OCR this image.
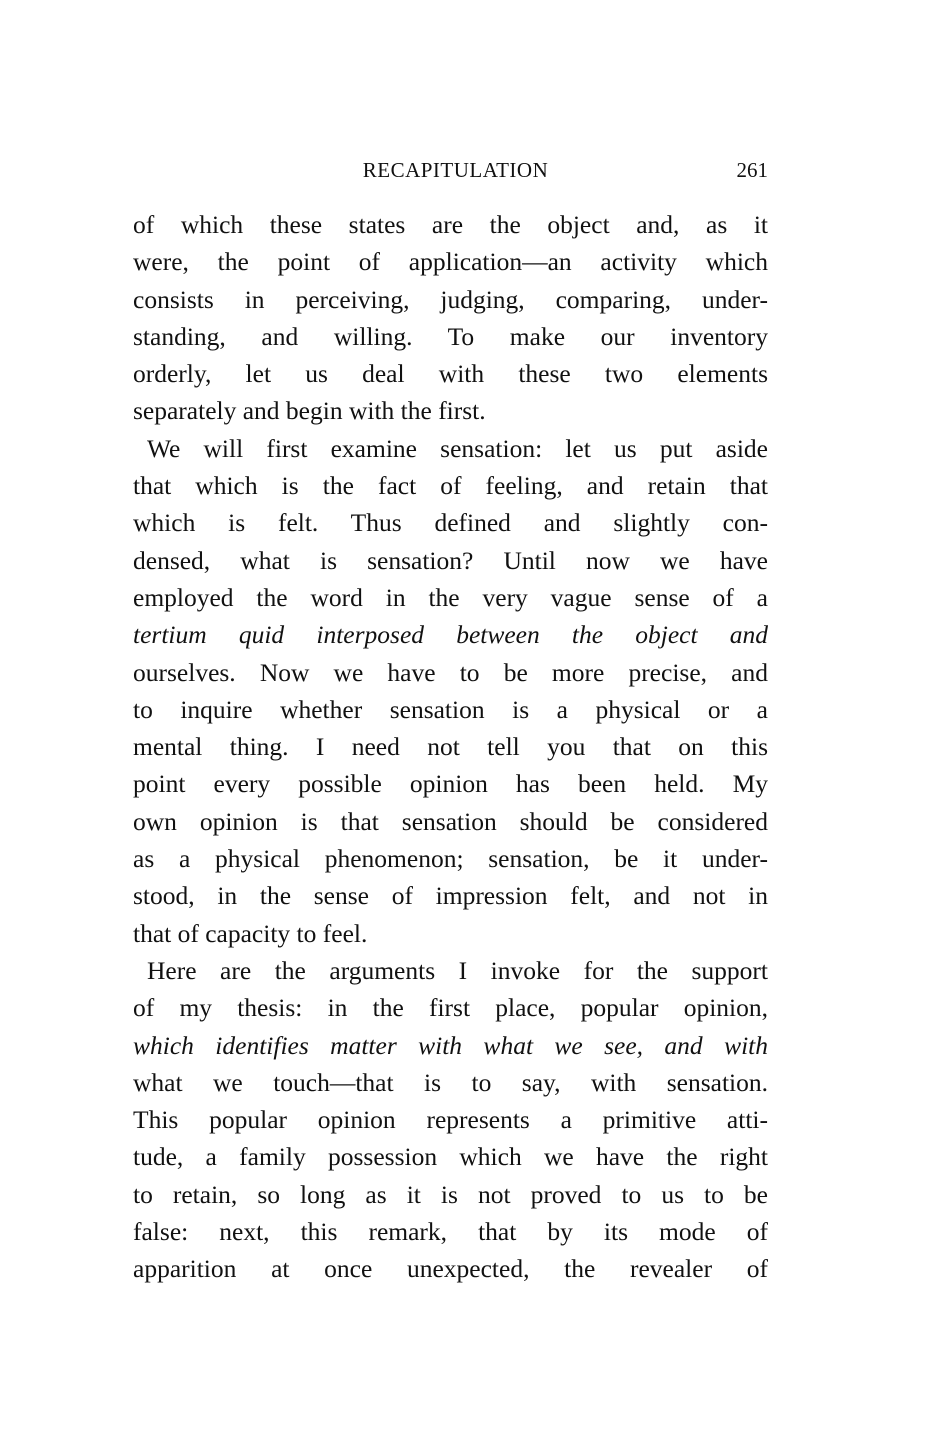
RECAPITULATION	261
of which these states are the object and, as it
were, the point of application—an activity which
consists in perceiving, judging, comparing, under-
standing, and willing. To make our inventory
orderly, let us deal with these two elements
separately and begin with the first.
We will first examine sensation: let us put aside
that which is the fact of feeling, and retain that
which is felt. Thus defined and slightly con-
densed, what is sensation? Until now we have
employed the word in the very vague sense of a
tertium quid interposed between the object and
ourselves. Now we have to be more precise, and
to inquire whether sensation is a physical or a
mental thing. I need not tell you that on this
point every possible opinion has been held. My
own opinion is that sensation should be considered
as a physical phenomenon; sensation, be it under-
stood, in the sense of impression felt, and not in
that of capacity to feel.
Here are the arguments I invoke for the support
of my thesis: in the first place, popular opinion,
which identifies matter with what we see, and with
what we touch—that is to say, with sensation.
This popular opinion represents a primitive atti-
tude, a family possession which we have the right
to retain, so long as it is not proved to us to be
false: next, this remark, that by its mode of
apparition at once unexpected, the revealer of
